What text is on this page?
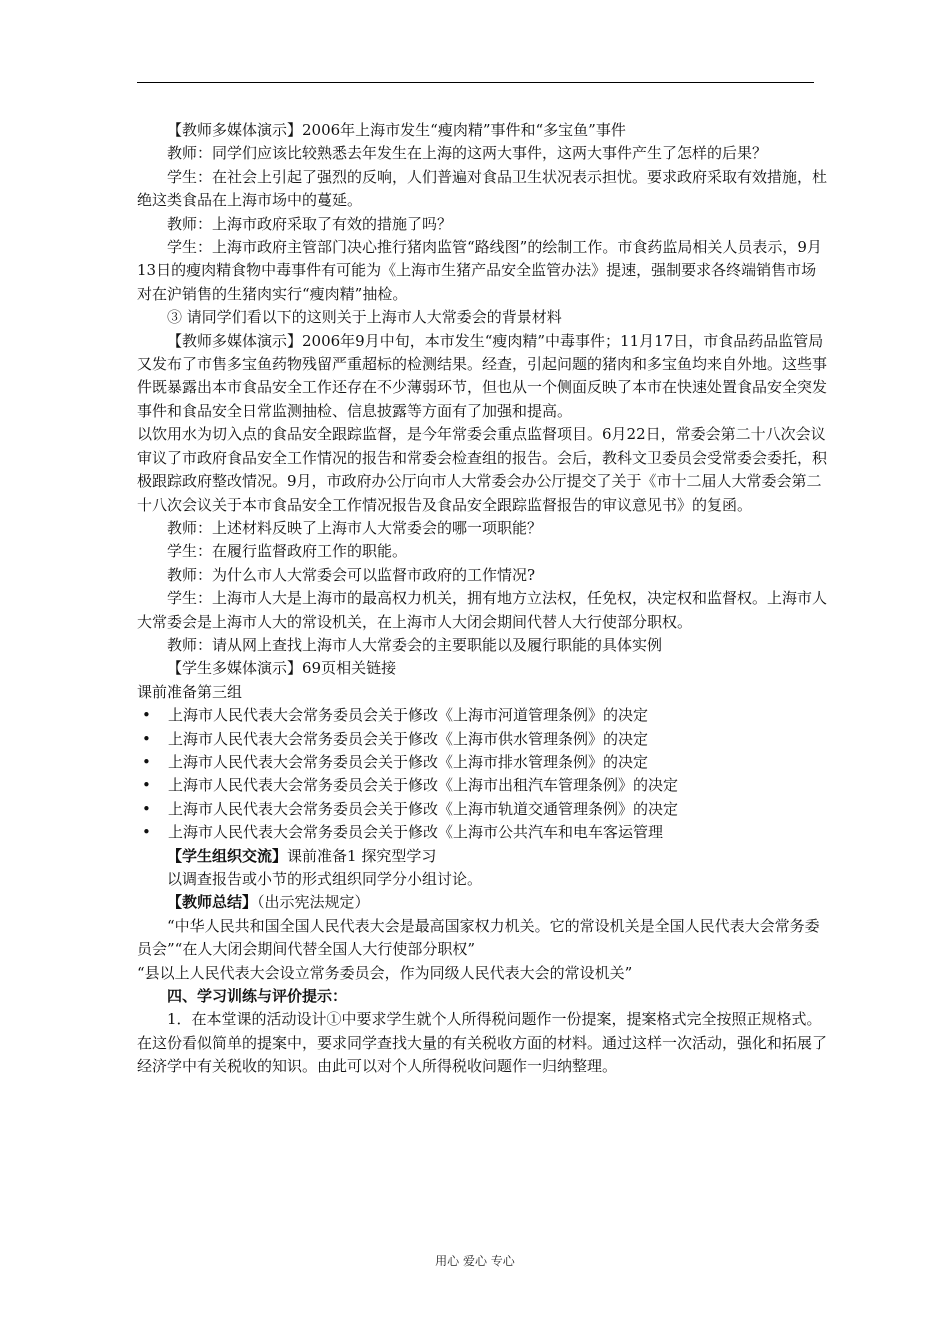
【教师多媒体演示】2006年上海市发生“瘦肉精”事件和“多宝鱼”事件

教师：同学们应该比较熟悉去年发生在上海的这两大事件，这两大事件产生了怎样的后果？

学生：在社会上引起了强烈的反响，人们普遍对食品卫生状况表示担忧。要求政府采取有效措施，杜绝这类食品在上海市场中的蔓延。

教师：上海市政府采取了有效的措施了吗？

学生：上海市政府主管部门决心推行猪肉监管“路线图”的绘制工作。市食药监局相关人员表示，9月13日的瘦肉精食物中毒事件有可能为《上海市生猪产品安全监管办法》提速，强制要求各终端销售市场对在沪销售的生猪肉实行“瘦肉精”抽检。

③ 请同学们看以下的这则关于上海市人大常委会的背景材料

【教师多媒体演示】2006年9月中旬，本市发生“瘦肉精”中毒事件；11月17日，市食品药品监管局又发布了市售多宝鱼药物残留严重超标的检测结果。经查，引起问题的猪肉和多宝鱼均来自外地。这些事件既暴露出本市食品安全工作还存在不少薄弱环节，但也从一个侧面反映了本市在快速处置食品安全突发事件和食品安全日常监测抽检、信息披露等方面有了加强和提高。

以饮用水为切入点的食品安全跟踪监督，是今年常委会重点监督项目。6月22日，常委会第二十八次会议审议了市政府食品安全工作情况的报告和常委会检查组的报告。会后，教科文卫委员会受常委会委托，积极跟踪政府整改情况。9月，市政府办公厅向市人大常委会办公厅提交了关于《市十二届人大常委会第二十八次会议关于本市食品安全工作情况报告及食品安全跟踪监督报告的审议意见书》的复函。

教师：上述材料反映了上海市人大常委会的哪一项职能？

学生：在履行监督政府工作的职能。

教师：为什么市人大常委会可以监督市政府的工作情况?

学生：上海市人大是上海市的最高权力机关，拥有地方立法权，任免权，决定权和监督权。上海市人大常委会是上海市人大的常设机关，在上海市人大闭会期间代替人大行使部分职权。

教师：请从网上查找上海市人大常委会的主要职能以及履行职能的具体实例

【学生多媒体演示】69页相关链接

课前准备第三组

• 上海市人民代表大会常务委员会关于修改《上海市河道管理条例》的决定

• 上海市人民代表大会常务委员会关于修改《上海市供水管理条例》的决定

• 上海市人民代表大会常务委员会关于修改《上海市排水管理条例》的决定

• 上海市人民代表大会常务委员会关于修改《上海市出租汽车管理条例》的决定

• 上海市人民代表大会常务委员会关于修改《上海市轨道交通管理条例》的决定

• 上海市人民代表大会常务委员会关于修改《上海市公共汽车和电车客运管理

【学生组织交流】课前准备1 探究型学习

以调查报告或小节的形式组织同学分小组讨论。

【教师总结】（出示宪法规定）

“中华人民共和国全国人民代表大会是最高国家权力机关。它的常设机关是全国人民代表大会常务委员会”“在人大闭会期间代替全国人大行使部分职权”

“县以上人民代表大会设立常务委员会，作为同级人民代表大会的常设机关”

四、学习训练与评价提示：

1．在本堂课的活动设计①中要求学生就个人所得税问题作一份提案，提案格式完全按照正规格式。在这份看似简单的提案中，要求同学查找大量的有关税收方面的材料。通过这样一次活动，强化和拓展了经济学中有关税收的知识。由此可以对个人所得税收问题作一归纳整理。

用心 爱心 专心
